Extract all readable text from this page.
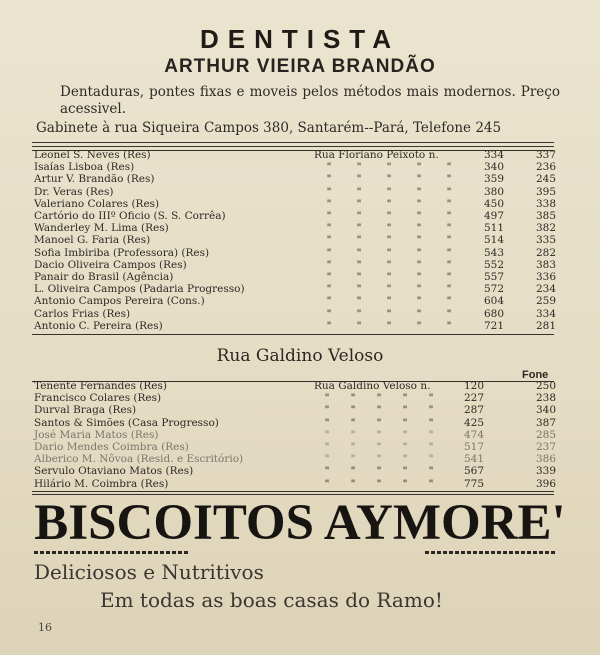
DENTISTA
ARTHUR VIEIRA BRANDÃO
Dentaduras, pontes fixas e moveis pelos métodos mais modernos. Preço acessivel.
Gabinete à rua Siqueira Campos 380, Santarém--Pará, Telefone 245
Leonel S. Neves (Res)	Rua Floriano Peixoto n.	334	337
Isaías Lisboa (Res)	" " " " "	340	236
Artur V. Brandão (Res)	" " " " "	359	245
Dr. Veras (Res)	" " " " "	380	395
Valeriano Colares (Res)	" " " " "	450	338
Cartório do IIIº Oficio (S. S. Corrêa)	" " " " "	497	385
Wanderley M. Lima (Res)	" " " " "	511	382
Manoel G. Faria (Res)	" " " " "	514	335
Sofia Imbiriba (Professora) (Res)	" " " " "	543	282
Dacio Oliveira Campos (Res)	" " " " "	552	383
Panair do Brasil (Agência)	" " " " "	557	336
L. Oliveira Campos (Padaria Progresso)	" " " " "	572	234
Antonio Campos Pereira (Cons.)	" " " " "	604	259
Carlos Frias (Res)	" " " " "	680	334
Antonio C. Pereira (Res)	" " " " "	721	281
Rua Galdino Veloso
Fone
Tenente Fernandes (Res)	Rua Galdino Veloso n.	120	250
Francisco Colares (Res)	" " " " "	227	238
Durval Braga (Res)	" " " " "	287	340
Santos & Simões (Casa Progresso)	" " " " "	425	387
José Maria Matos (Res)	" " " " "	474	285
Dario Mendes Coimbra (Res)	" " " " "	517	237
Alberico M. Nôvoa (Resid. e Escritório)	" " " " "	541	386
Servulo Otaviano Matos (Res)	" " " " "	567	339
Hilário M. Coimbra (Res)	" " " " "	775	396
BISCOITOS AYMORE'
Deliciosos e Nutritivos
Em todas as boas casas do Ramo!
16
